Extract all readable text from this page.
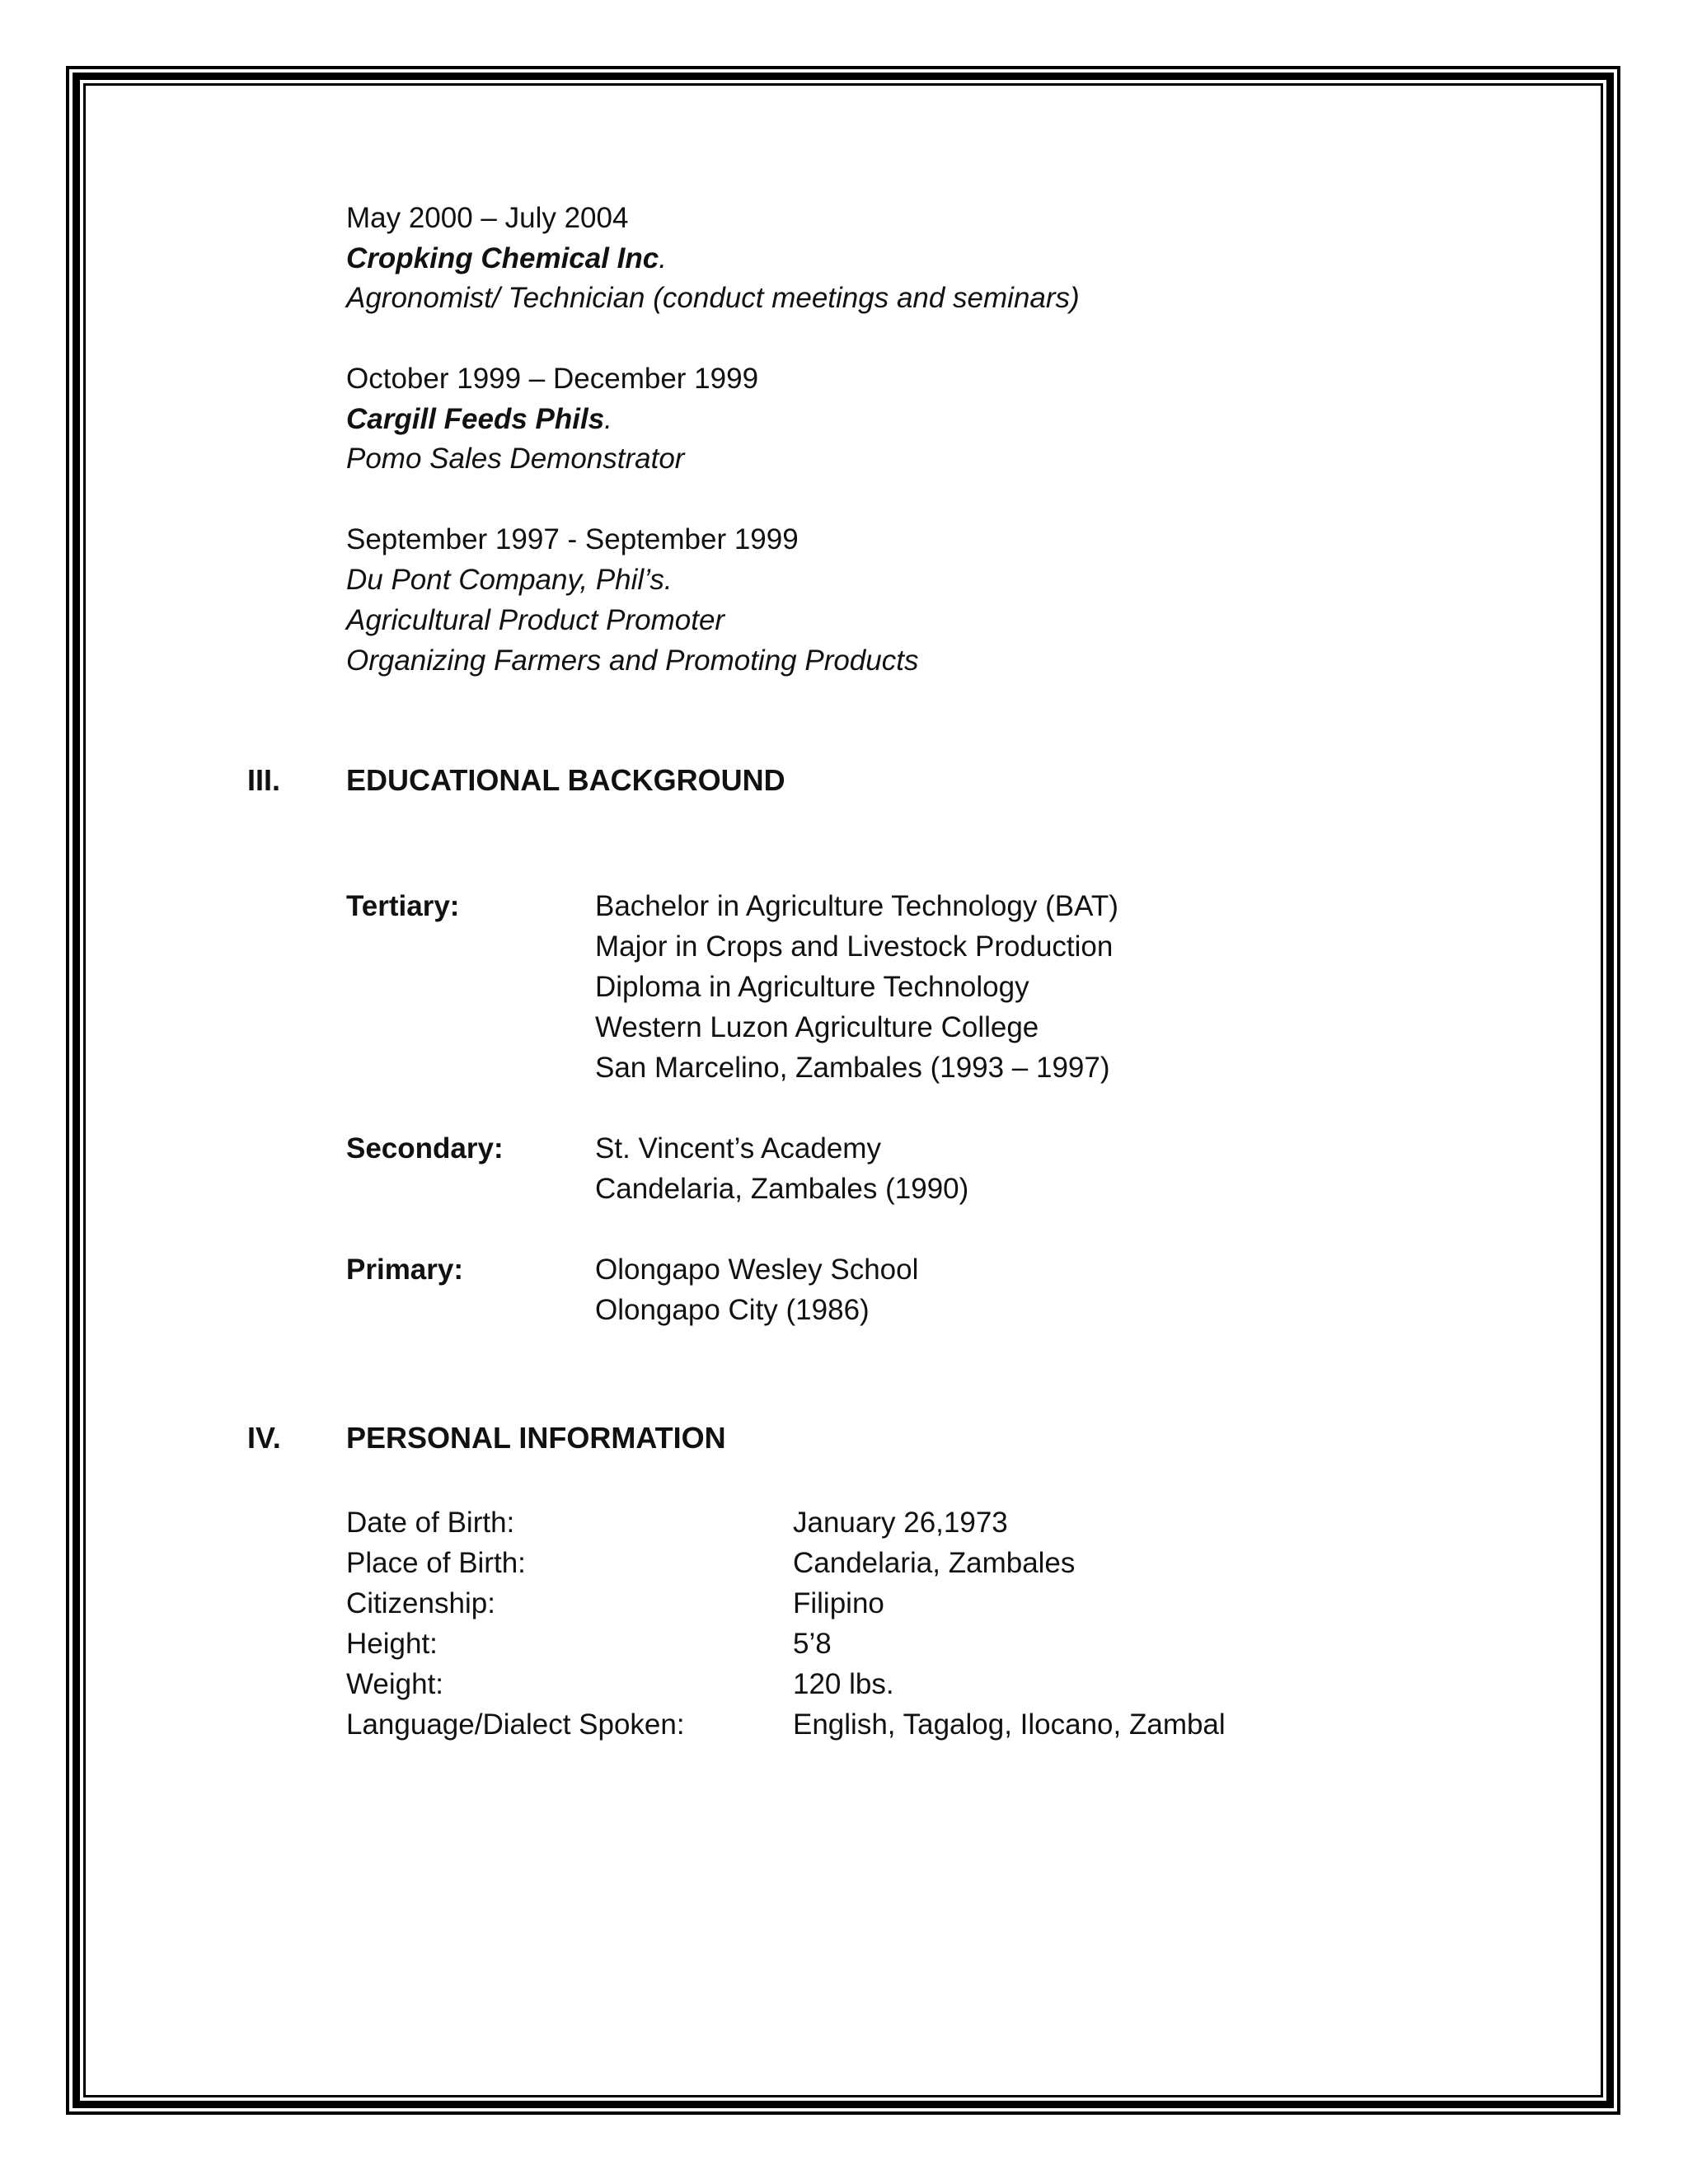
May 2000 – July 2004
Cropking Chemical Inc.
Agronomist/ Technician (conduct meetings and seminars)
October 1999 – December 1999
Cargill Feeds Phils.
Pomo Sales Demonstrator
September 1997 - September 1999
Du Pont Company, Phil’s.
Agricultural Product Promoter
Organizing Farmers and Promoting Products
III. EDUCATIONAL BACKGROUND
Tertiary:	Bachelor in Agriculture Technology (BAT)
Major in Crops and Livestock Production
Diploma in Agriculture Technology
Western Luzon Agriculture College
San Marcelino, Zambales (1993 – 1997)
Secondary:	St. Vincent’s Academy
Candelaria, Zambales (1990)
Primary:	Olongapo Wesley School
Olongapo City (1986)
IV. PERSONAL INFORMATION
Date of Birth:	January 26,1973
Place of Birth:	Candelaria, Zambales
Citizenship:	Filipino
Height:	5’8
Weight:	120 lbs.
Language/Dialect Spoken:	English, Tagalog, Ilocano, Zambal
